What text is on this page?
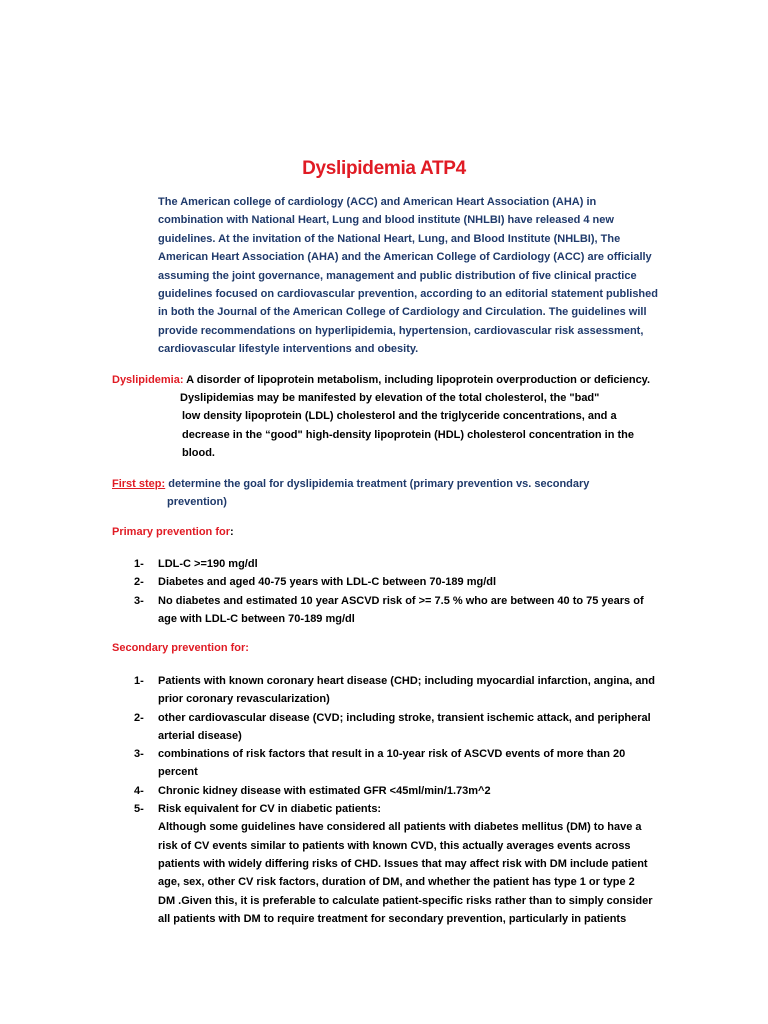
Dyslipidemia ATP4
The American college of cardiology (ACC) and American Heart Association (AHA) in
combination with National Heart, Lung and blood institute (NHLBI) have released 4 new
guidelines. At the invitation of the National Heart, Lung, and Blood Institute (NHLBI), The
American Heart Association (AHA) and the American College of Cardiology (ACC) are officially
assuming the joint governance, management and public distribution of five clinical practice
guidelines focused on cardiovascular prevention, according to an editorial statement published
in both the Journal of the American College of Cardiology and Circulation. The guidelines will
provide recommendations on hyperlipidemia, hypertension, cardiovascular risk assessment,
cardiovascular lifestyle interventions and obesity.
Dyslipidemia: A disorder of lipoprotein metabolism, including lipoprotein overproduction or deficiency.
Dyslipidemias may be manifested by elevation of the total cholesterol, the "bad"
low density lipoprotein (LDL) cholesterol and the triglyceride concentrations, and a
decrease in the “good" high-density lipoprotein (HDL) cholesterol concentration in the
blood.
First step: determine the goal for dyslipidemia treatment (primary prevention vs. secondary
prevention)
Primary prevention for:
1- LDL-C >=190 mg/dl
2- Diabetes and aged 40-75 years with LDL-C between 70-189 mg/dl
3- No diabetes and estimated 10 year ASCVD risk of >= 7.5 % who are between 40 to 75 years of
age with LDL-C between 70-189 mg/dl
Secondary prevention for:
1- Patients with known coronary heart disease (CHD; including myocardial infarction, angina, and
prior coronary revascularization)
2- other cardiovascular disease (CVD; including stroke, transient ischemic attack, and peripheral
arterial disease)
3- combinations of risk factors that result in a 10-year risk of ASCVD events of more than 20
percent
4- Chronic kidney disease with estimated GFR <45ml/min/1.73m^2
5- Risk equivalent for CV in diabetic patients:
Although some guidelines have considered all patients with diabetes mellitus (DM) to have a
risk of CV events similar to patients with known CVD, this actually averages events across
patients with widely differing risks of CHD. Issues that may affect risk with DM include patient
age, sex, other CV risk factors, duration of DM, and whether the patient has type 1 or type 2
DM .Given this, it is preferable to calculate patient-specific risks rather than to simply consider
all patients with DM to require treatment for secondary prevention, particularly in patients
